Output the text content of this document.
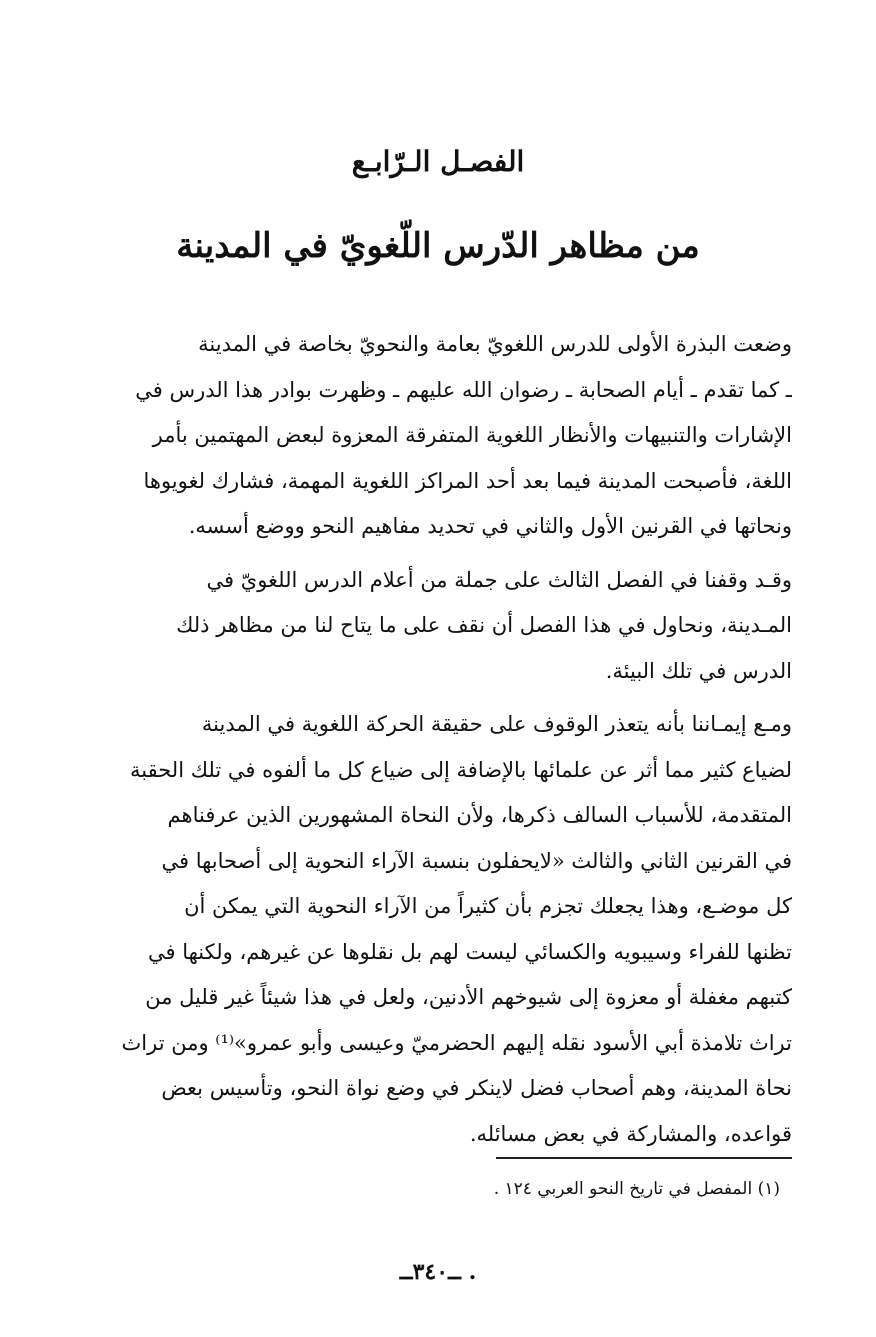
الفصـل الـرّابـع
من مظاهر الدّرس اللّغويّ في المدينة
وضعت البذرة الأولى للدرس اللغويّ بعامة والنحويّ بخاصة في المدينة
ـ كما تقدم ـ أيام الصحابة ـ رضوان الله عليهم ـ وظهرت بوادر هذا الدرس في
الإشارات والتنبيهات والأنظار اللغوية المتفرقة المعزوة لبعض المهتمين بأمر
اللغة، فأصبحت المدينة فيما بعد أحد المراكز اللغوية المهمة، فشارك لغويوها
ونحاتها في القرنين الأول والثاني في تحديد مفاهيم النحو ووضع أسسه.
وقـد وقفنا في الفصل الثالث على جملة من أعلام الدرس اللغويّ في
المـدينة، ونحاول في هذا الفصل أن نقف على ما يتاح لنا من مظاهر ذلك
الدرس في تلك البيئة.
ومـع إيمـاننا بأنه يتعذر الوقوف على حقيقة الحركة اللغوية في المدينة
لضياع كثير مما أثر عن علمائها بالإضافة إلى ضياع كل ما ألفوه في تلك الحقبة
المتقدمة، للأسباب السالف ذكرها، ولأن النحاة المشهورين الذين عرفناهم
في القرنين الثاني والثالث «لايحفلون بنسبة الآراء النحوية إلى أصحابها في
كل موضـع، وهذا يجعلك تجزم بأن كثيراً من الآراء النحوية التي يمكن أن
تظنها للفراء وسيبويه والكسائي ليست لهم بل نقلوها عن غيرهم، ولكنها في
كتبهم مغفلة أو معزوة إلى شيوخهم الأدنين، ولعل في هذا شيئاً غير قليل من
تراث تلامذة أبي الأسود نقله إليهم الحضرميّ وعيسى وأبو عمرو»⁽¹⁾ ومن تراث
نحاة المدينة، وهم أصحاب فضل لاينكر في وضع نواة النحو، وتأسيس بعض
قواعده، والمشاركة في بعض مسائله.
(١) المفصل في تاريخ النحو العربي ١٢٤ .
. ــ٣٤٠ــ
